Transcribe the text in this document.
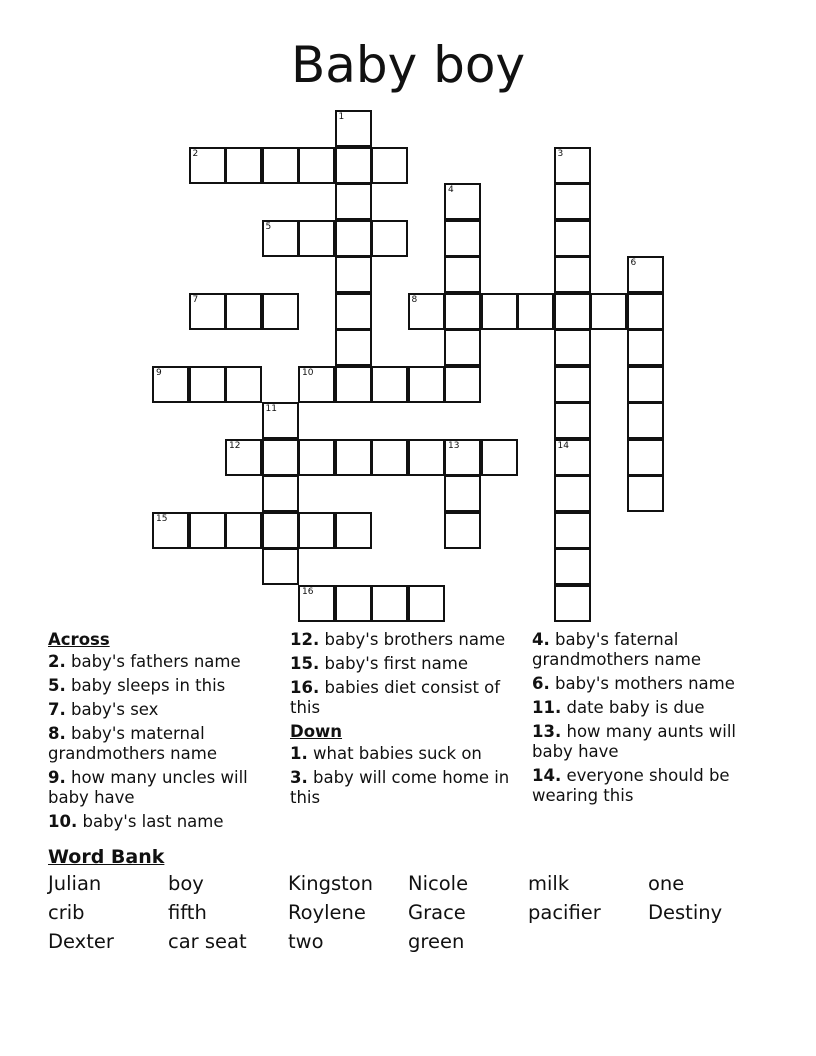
Baby boy
1
2	3
14
4
5
6
7	8
9	10
11
12	13
15
16
Across
2. baby's fathers name
5. baby sleeps in this
7. baby's sex
8. baby's maternal grandmothers name
9. how many uncles will baby have
10. baby's last name
12. baby's brothers name
15. baby's first name
16. babies diet consist of this
Down
1. what babies suck on
3. baby will come home in this
4. baby's faternal grandmothers name
6. baby's mothers name
11. date baby is due
13. how many aunts will baby have
14. everyone should be wearing this
Word Bank
Julian	boy	Kingston	Nicole	milk	one
crib	fifth	Roylene	Grace	pacifier	Destiny
Dexter	car seat	two	green
